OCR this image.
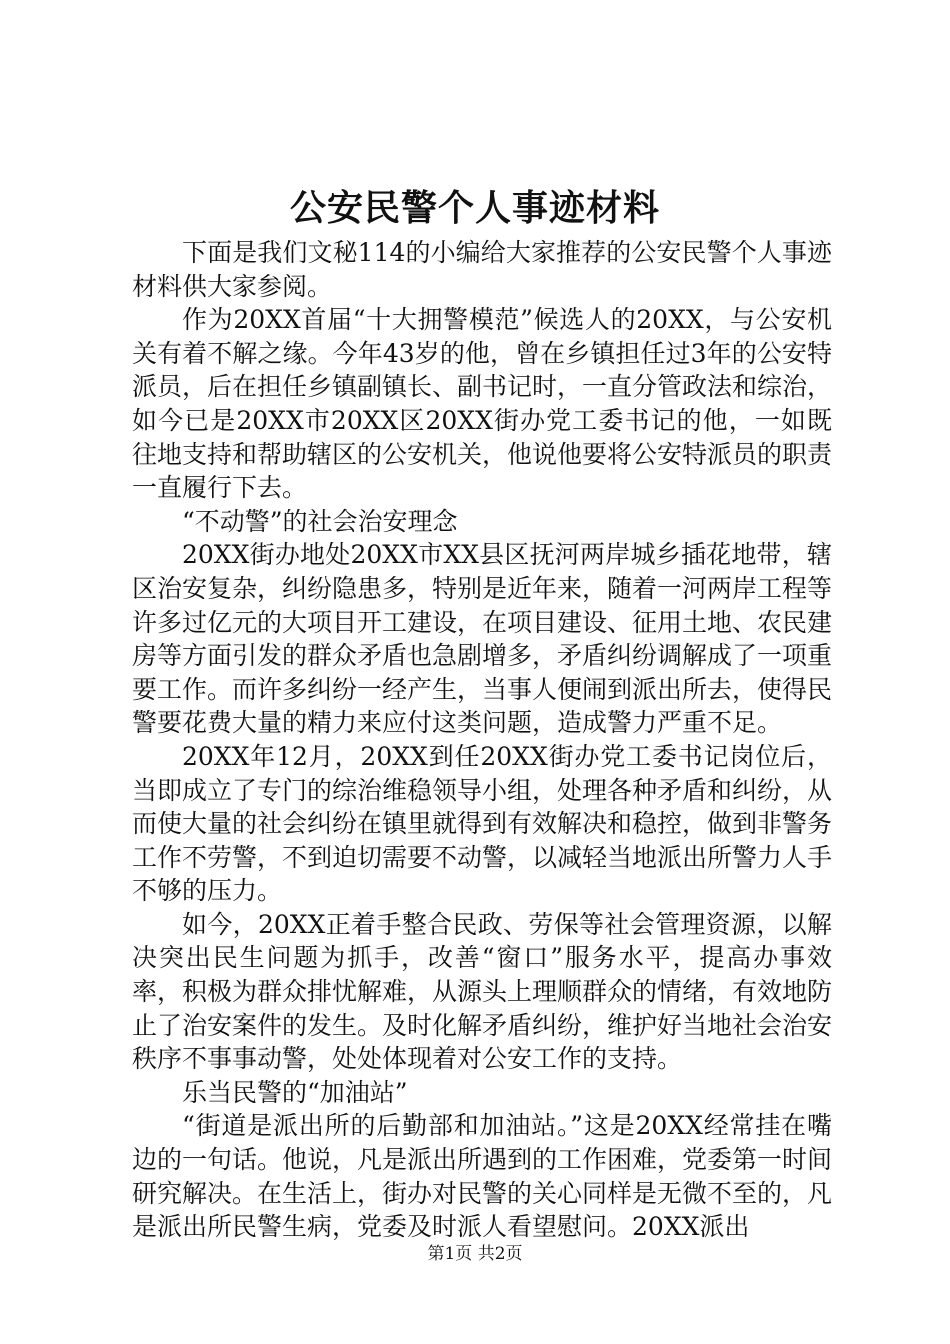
公安民警个人事迹材料

下面是我们文秘114的小编给大家推荐的公安民警个人事迹材料供大家参阅。

作为20XX首届“十大拥警模范”候选人的20XX，与公安机关有着不解之缘。今年43岁的他，曾在乡镇担任过3年的公安特派员，后在担任乡镇副镇长、副书记时，一直分管政法和综治，如今已是20XX市20XX区20XX街办党工委书记的他，一如既往地支持和帮助辖区的公安机关，他说他要将公安特派员的职责一直履行下去。

“不动警”的社会治安理念

20XX街办地处20XX市XX县区抚河两岸城乡插花地带，辖区治安复杂，纠纷隐患多，特别是近年来，随着一河两岸工程等许多过亿元的大项目开工建设，在项目建设、征用土地、农民建房等方面引发的群众矛盾也急剧增多，矛盾纠纷调解成了一项重要工作。而许多纠纷一经产生，当事人便闹到派出所去，使得民警要花费大量的精力来应付这类问题，造成警力严重不足。

20XX年12月，20XX到任20XX街办党工委书记岗位后，当即成立了专门的综治维稳领导小组，处理各种矛盾和纠纷，从而使大量的社会纠纷在镇里就得到有效解决和稳控，做到非警务工作不劳警，不到迫切需要不动警，以减轻当地派出所警力人手不够的压力。

如今，20XX正着手整合民政、劳保等社会管理资源，以解决突出民生问题为抓手，改善“窗口”服务水平，提高办事效率，积极为群众排忧解难，从源头上理顺群众的情绪，有效地防止了治安案件的发生。及时化解矛盾纠纷，维护好当地社会治安秩序不事事动警，处处体现着对公安工作的支持。

乐当民警的“加油站”

“街道是派出所的后勤部和加油站。”这是20XX经常挂在嘴边的一句话。他说，凡是派出所遇到的工作困难，党委第一时间研究解决。在生活上，街办对民警的关心同样是无微不至的，凡是派出所民警生病，党委及时派人看望慰问。20XX派出

第1页 共2页
